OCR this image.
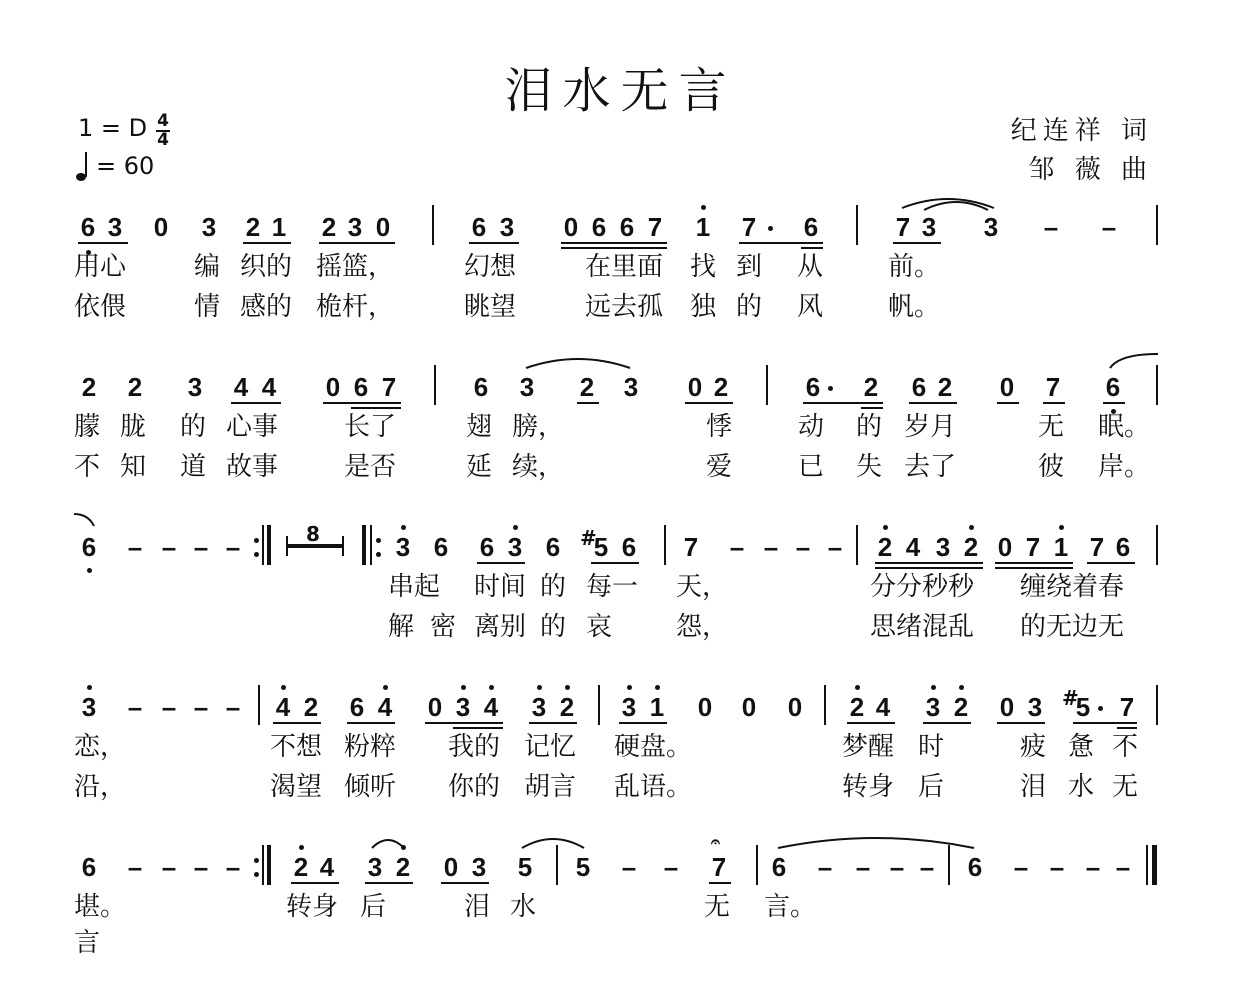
泪水无言
1 = D 4
4
= 60
纪连祥 词
邹 薇 曲
6 3 0 3 2 1 2 3 0	6 3 0 6 6 7 1 7 6	7 3 3 – –
用心	编 织的 摇篮，	幻想	在里面 找 到 从 前。
依偎	情 感的 桅杆，	眺望	远去孤 独 的 风 帆。
2 2 3 4 4 0 6 7	6 3 2 3 0 2	6 2 6 2 0 7 6
朦 胧 的 心事	长了	翅 膀，	悸	动 的 岁月	无 眠。
不 知 道 故事	是否	延 续，	爱	已 失 去了	彼 岸。
6 – – – –	8	3 6 6 3 6 #
5 6 7 – – – – 2 4 3 2 0 7 1 7 6
串起 时间 的 每一 天，	分分秒秒 缠绕着春
解 密 离别 的 哀 怨，	思绪混乱 的无边无
3 – – – – 4 2 6 4 0 3 4 3 2 3 1 0 0 0 2 4 3 2 0 3 #
5 7
恋，	不想 粉粹 我的 记忆 硬盘。	梦醒 时	疲 惫 不
沿，	渴望 倾听 你的 胡言 乱语。	转身 后	泪 水 无
6 – – – – 2 4 3 2 0 3 5 5 – – 7
𝄐
6 – – – – 6 – – – –
堪。	转身 后	泪 水	无 言。
言
